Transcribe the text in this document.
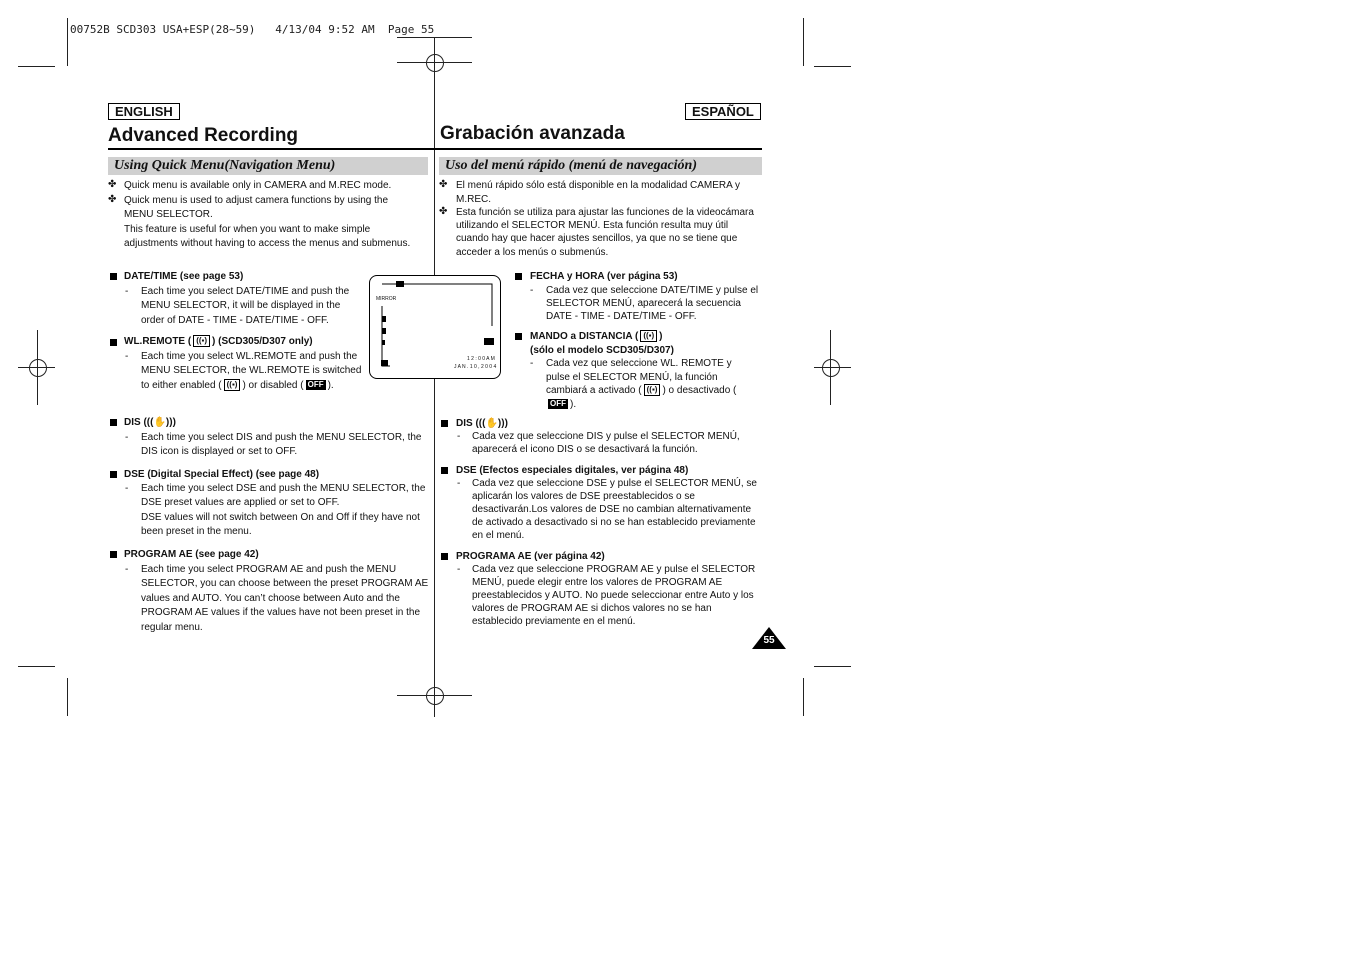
00752B SCD303 USA+ESP(28~59)   4/13/04 9:52 AM  Page 55
ENGLISH
Advanced Recording
Using Quick Menu(Navigation Menu)
✤ Quick menu is available only in CAMERA and M.REC mode.
✤ Quick menu is used to adjust camera functions by using the MENU SELECTOR.
This feature is useful for when you want to make simple adjustments without having to access the menus and submenus.
DATE/TIME (see page 53)
- Each time you select DATE/TIME and push the MENU SELECTOR, it will be displayed in the order of DATE - TIME - DATE/TIME - OFF.
WL.REMOTE ( ((▪) ) (SCD305/D307 only)
- Each time you select WL.REMOTE and push the MENU SELECTOR, the WL.REMOTE is switched to either enabled ( ((▪) ) or disabled ( OFF ).
DIS (((✋)))
- Each time you select DIS and push the MENU SELECTOR, the DIS icon is displayed or set to OFF.
DSE (Digital Special Effect) (see page 48)
- Each time you select DSE and push the MENU SELECTOR, the DSE preset values are applied or set to OFF.
DSE values will not switch between On and Off if they have not been preset in the menu.
PROGRAM AE (see page 42)
- Each time you select PROGRAM AE and push the MENU SELECTOR, you can choose between the preset PROGRAM AE values and AUTO. You can’t choose between Auto and the PROGRAM AE values if the values have not been preset in the regular menu.
MIRROR
1 2 : 0 0 A M
J A N . 1 0 , 2 0 0 4
ESPAÑOL
Grabación avanzada
Uso del menú rápido (menú de navegación)
✤ El menú rápido sólo está disponible en la modalidad CAMERA y M.REC.
✤ Esta función se utiliza para ajustar las funciones de la videocámara utilizando el SELECTOR MENÚ. Esta función resulta muy útil cuando hay que hacer ajustes sencillos, ya que no se tiene que acceder a los menús o submenús.
FECHA y HORA (ver página 53)
- Cada vez que seleccione DATE/TIME y pulse el SELECTOR MENÚ, aparecerá la secuencia DATE - TIME - DATE/TIME - OFF.
MANDO a DISTANCIA ( ((▪) )
(sólo el modelo SCD305/D307)
- Cada vez que seleccione WL. REMOTE y pulse el SELECTOR MENÚ, la función cambiará a activado ( ((▪) ) o desactivado (OFF ).
DIS (((✋)))
- Cada vez que seleccione DIS y pulse el SELECTOR MENÚ, aparecerá el icono DIS o se desactivará la función.
DSE (Efectos especiales digitales, ver página 48)
- Cada vez que seleccione DSE y pulse el SELECTOR MENÚ, se aplicarán los valores de DSE preestablecidos o se desactivarán.Los valores de DSE no cambian alternativamente de activado a desactivado si no se han establecido previamente en el menú.
PROGRAMA AE (ver página 42)
- Cada vez que seleccione PROGRAM AE y pulse el SELECTOR MENÚ, puede elegir entre los valores de PROGRAM AE preestablecidos y AUTO. No puede seleccionar entre Auto y los valores de PROGRAM AE si dichos valores no se han establecido previamente en el menú.
55
